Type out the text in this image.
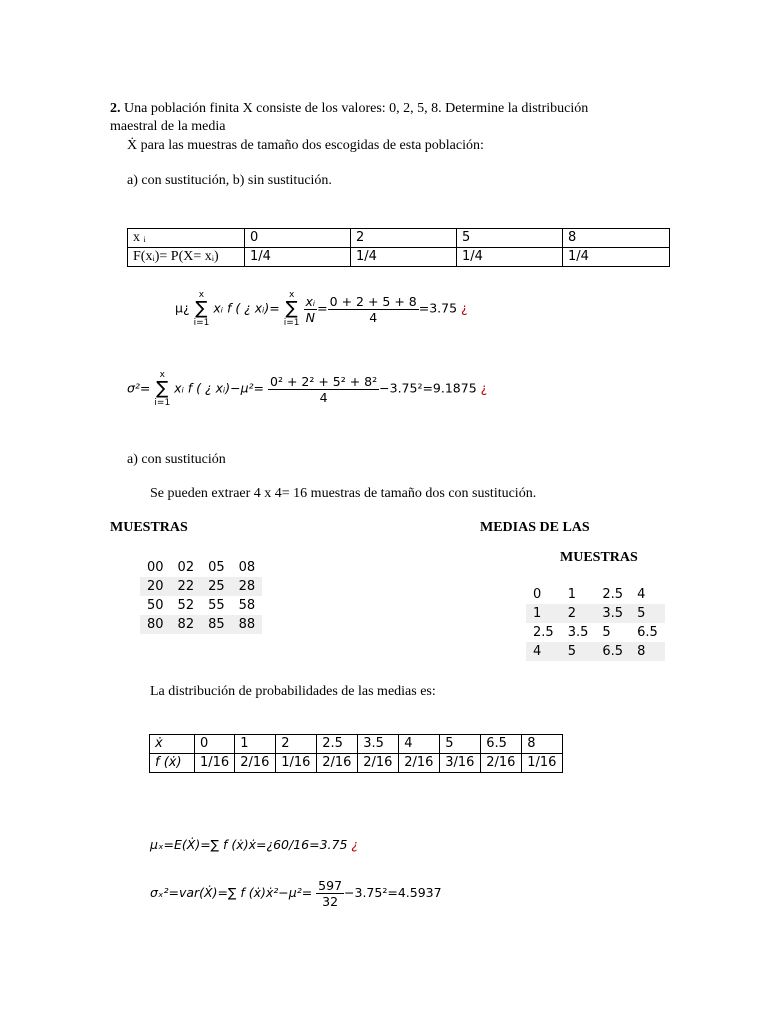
2. Una población finita X consiste de los valores: 0, 2, 5, 8. Determine la distribución
maestral de la media
Ẋ para las muestras de tamaño dos escogidas de esta población:
a) con sustitución, b) sin sustitución.
x ᵢ	0	2	5	8
F(xᵢ)= P(X= xᵢ)	1/4	1/4	1/4	1/4
μ¿
x
∑
i=1
xᵢ f ( ¿ xᵢ)=
x
∑
i=1
$\frac{\text{xᵢ}}{N} = \frac{0 + 2 + 5 + 8}{4} =3.75$ ¿
σ²=
x
∑
i=1
xᵢ f ( ¿ xᵢ)−μ²= $\frac{\text{0² + 2² + 5² + 8²}}{4} -3.75^2=9.1875$ ¿
a) con sustitución
Se pueden extraer 4 x 4= 16 muestras de tamaño dos con sustitución.
MUESTRAS
00	02	05	08
20	22	25	28
50	52	55	58
80	82	85	88
MEDIAS DE LAS
MUESTRAS
0	1	2.5	4
1	2	3.5	5
2.5	3.5	5	6.5
4	5	6.5	8
La distribución de probabilidades de las medias es:
ẋ	0	1	2	2.5	3.5	4	5	6.5	8
f (ẋ)	1/16	2/16	1/16	2/16	2/16	2/16	3/16	2/16	1/16
μₓ=E(Ẋ)=∑ f (ẋ)ẋ=¿60/16=3.75 ¿
σₓ²=var(Ẋ)=∑ f (ẋ)ẋ²−μ²= $\frac{597}{32} -3.75^2=4.5937$
